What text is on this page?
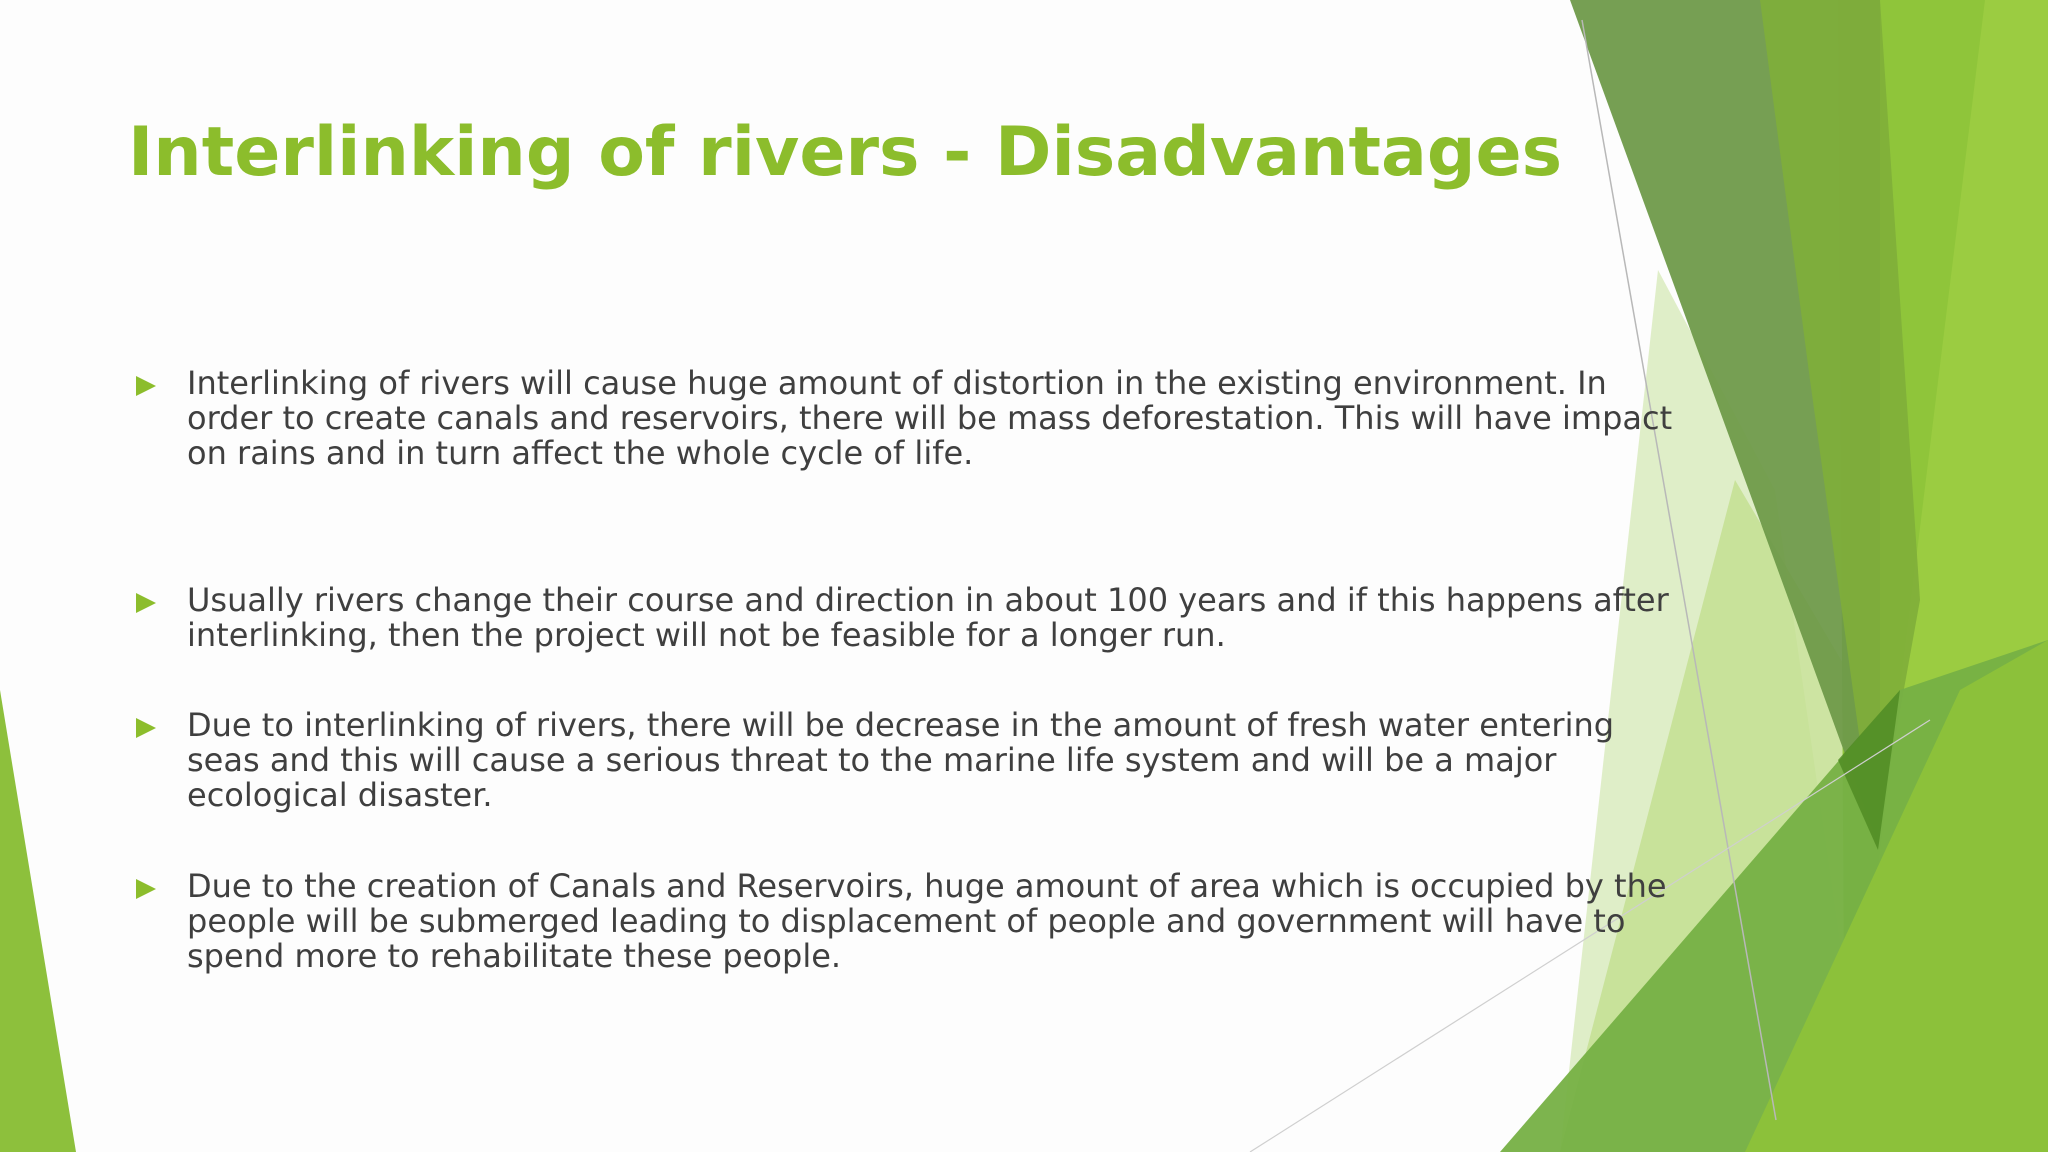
Interlinking of rivers - Disadvantages
Interlinking of rivers will cause huge amount of distortion in the existing environment. In order to create canals and reservoirs, there will be mass deforestation. This will have impact on rains and in turn affect the whole cycle of life.
Usually rivers change their course and direction in about 100 years and if this happens after interlinking, then the project will not be feasible for a longer run.
Due to interlinking of rivers, there will be decrease in the amount of fresh water entering seas and this will cause a serious threat to the marine life system and will be a major ecological disaster.
Due to the creation of Canals and Reservoirs, huge amount of area which is occupied by the people will be submerged leading to displacement of people and government will have to spend more to rehabilitate these people.
